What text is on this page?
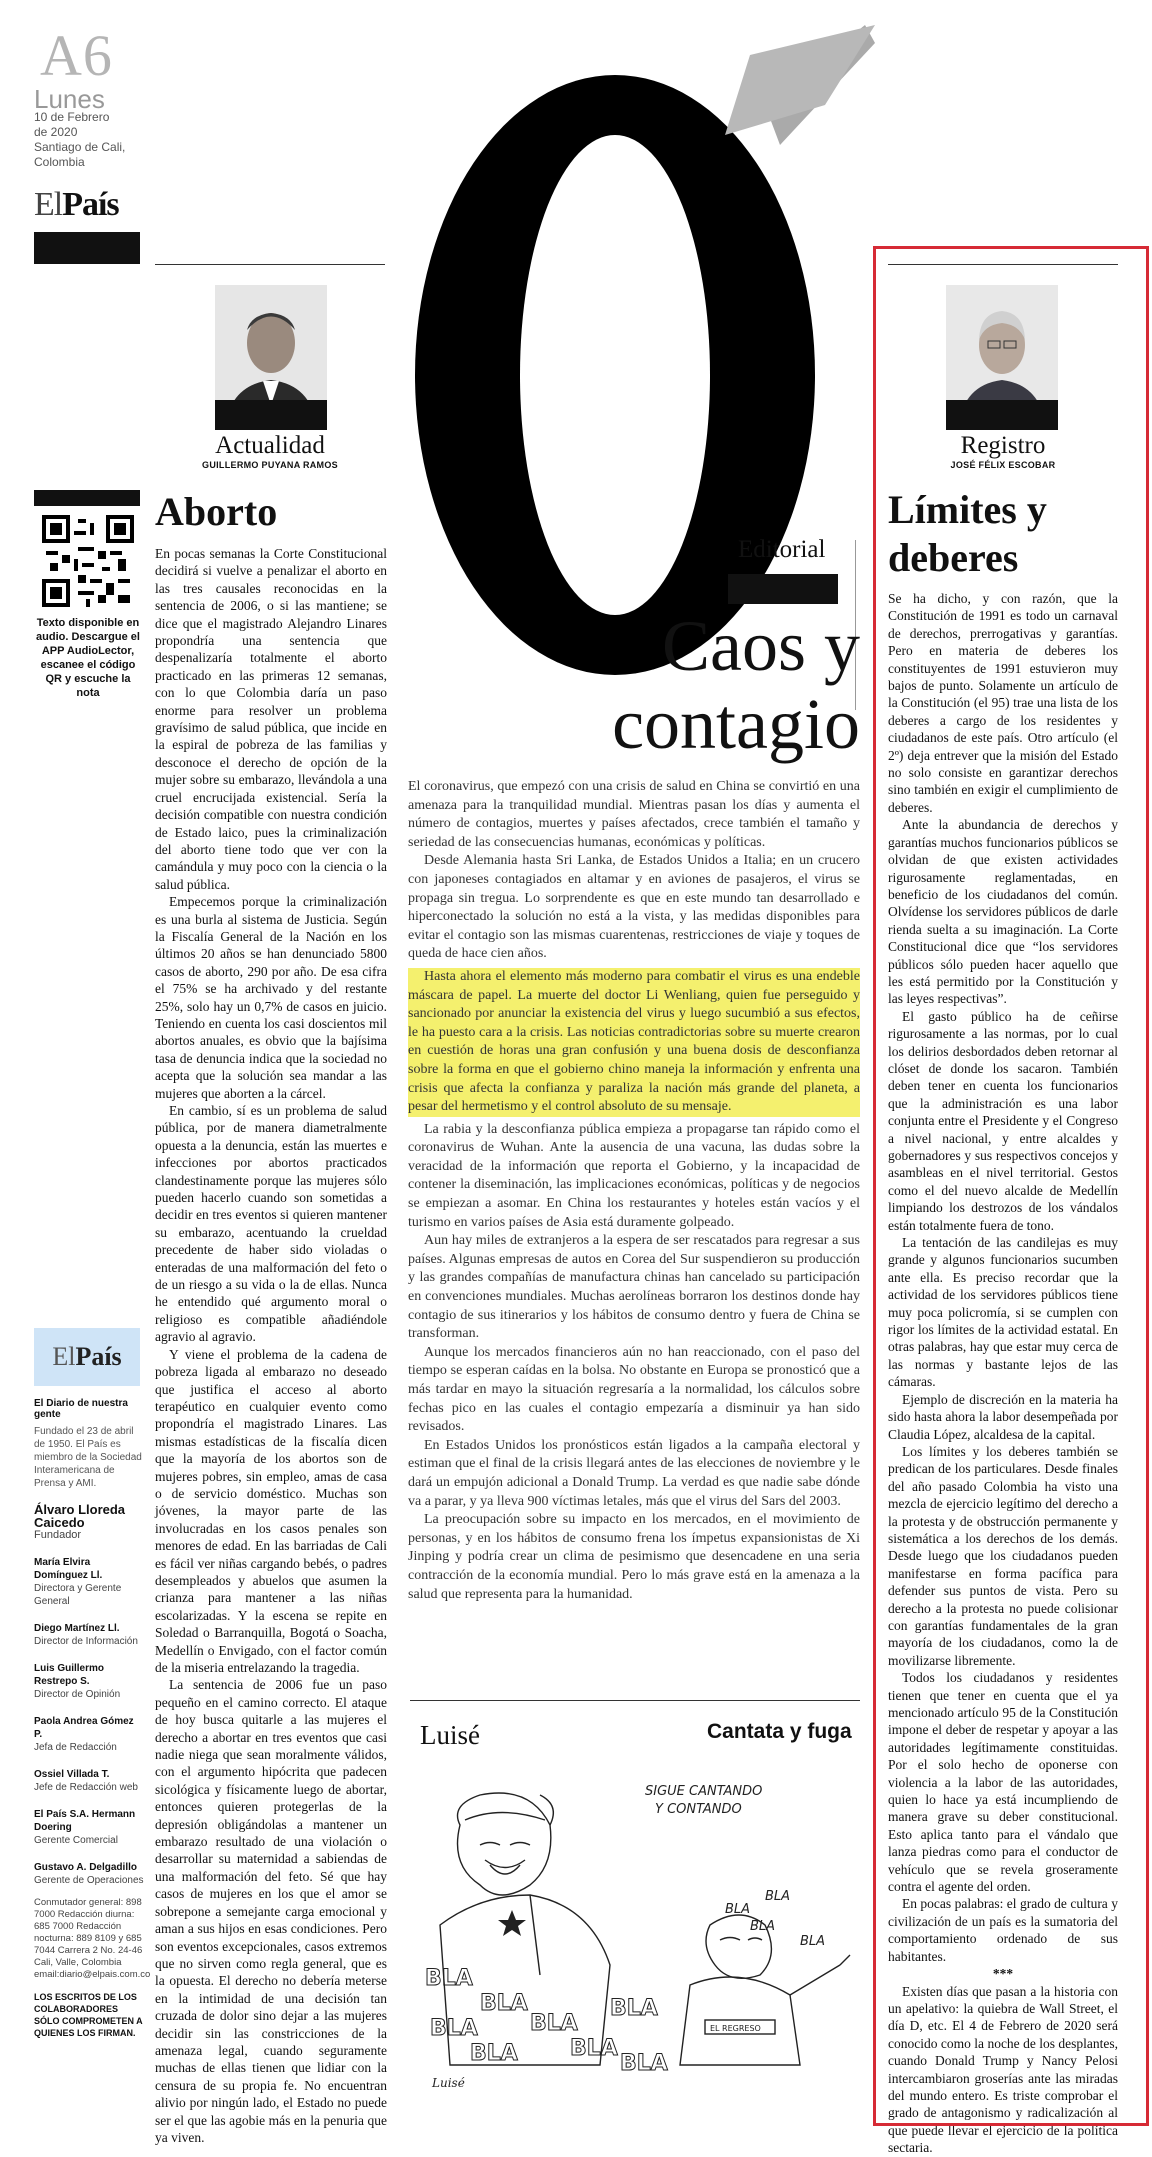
A6
Lunes
10 de Febrero
de 2020
Santiago de Cali,
Colombia
ElPaís
Actualidad
GUILLERMO PUYANA RAMOS
Aborto
Texto disponible en audio. Descargue el APP AudioLector, escanee el código QR y escuche la nota

En pocas semanas la Corte Constitucional decidirá si vuelve a penalizar el aborto en las tres causales reconocidas en la sentencia de 2006, o si las mantiene; se dice que el magistrado Alejandro Linares propondría una sentencia que despenalizaría totalmente el aborto practicado en las primeras 12 semanas, con lo que Colombia daría un paso enorme para resolver un problema gravísimo de salud pública, que incide en la espiral de pobreza de las familias y desconoce el derecho de opción de la mujer sobre su embarazo, llevándola a una cruel encrucijada existencial. Sería la decisión compatible con nuestra condición de Estado laico, pues la criminalización del aborto tiene todo que ver con la camándula y muy poco con la ciencia o la salud pública.

Empecemos porque la criminalización es una burla al sistema de Justicia. Según la Fiscalía General de la Nación en los últimos 20 años se han denunciado 5800 casos de aborto, 290 por año. De esa cifra el 75% se ha archivado y del restante 25%, solo hay un 0,7% de casos en juicio. Teniendo en cuenta los casi doscientos mil abortos anuales, es obvio que la bajísima tasa de denuncia indica que la sociedad no acepta que la solución sea mandar a las mujeres que aborten a la cárcel.

En cambio, sí es un problema de salud pública, por de manera diametralmente opuesta a la denuncia, están las muertes e infecciones por abortos practicados clandestinamente porque las mujeres sólo pueden hacerlo cuando son sometidas a decidir en tres eventos si quieren mantener su embarazo, acentuando la crueldad precedente de haber sido violadas o enteradas de una malformación del feto o de un riesgo a su vida o la de ellas. Nunca he entendido qué argumento moral o religioso es compatible añadiéndole agravio al agravio.

Y viene el problema de la cadena de pobreza ligada al embarazo no deseado que justifica el acceso al aborto terapéutico en cualquier evento como propondría el magistrado Linares. Las mismas estadísticas de la fiscalía dicen que la mayoría de los abortos son de mujeres pobres, sin empleo, amas de casa o de servicio doméstico. Muchas son jóvenes, la mayor parte de las involucradas en los casos penales son menores de edad. En las barriadas de Cali es fácil ver niñas cargando bebés, o padres desempleados y abuelos que asumen la crianza para mantener a las niñas escolarizadas. Y la escena se repite en Soledad o Barranquilla, Bogotá o Soacha, Medellín o Envigado, con el factor común de la miseria entrelazando la tragedia.

La sentencia de 2006 fue un paso pequeño en el camino correcto. El ataque de hoy busca quitarle a las mujeres el derecho a abortar en tres eventos que casi nadie niega que sean moralmente válidos, con el argumento hipócrita que padecen sicológica y físicamente luego de abortar, entonces quieren protegerlas de la depresión obligándolas a mantener un embarazo resultado de una violación o desarrollar su maternidad a sabiendas de una malformación del feto. Sé que hay casos de mujeres en los que el amor se sobrepone a semejante carga emocional y aman a sus hijos en esas condiciones. Pero son eventos excepcionales, casos extremos que no sirven como regla general, que es la opuesta. El derecho no debería meterse en la intimidad de una decisión tan cruzada de dolor sino dejar a las mujeres decidir sin las constricciones de la amenaza legal, cuando seguramente muchas de ellas tienen que lidiar con la censura de su propia fe. No encuentran alivio por ningún lado, el Estado no puede ser el que las agobie más en la penuria que ya viven.

ElPaís
El Diario de nuestra gente
Fundado el 23 de abril de 1950. El País es miembro de la Sociedad Interamericana de Prensa y AMI.
Álvaro Lloreda Caicedo
Fundador
María Elvira Domínguez Ll.
Directora y Gerente General
Diego Martínez Ll.
Director de Información
Luis Guillermo Restrepo S.
Director de Opinión
Paola Andrea Gómez P.
Jefa de Redacción
Ossiel Villada T.
Jefe de Redacción web
El País S.A. Hermann Doering
Gerente Comercial
Gustavo A. Delgadillo
Gerente de Operaciones
Conmutador general: 898 7000 Redacción diurna: 685 7000 Redacción nocturna: 889 8109 y 685 7044 Carrera 2 No. 24-46 Cali, Valle, Colombia email:diario@elpais.com.co
LOS ESCRITOS DE LOS COLABORADORES SÓLO COMPROMETEN A QUIENES LOS FIRMAN.
Editorial
Caos y contagio

El coronavirus, que empezó con una crisis de salud en China se convirtió en una amenaza para la tranquilidad mundial. Mientras pasan los días y aumenta el número de contagios, muertes y países afectados, crece también el tamaño y seriedad de las consecuencias humanas, económicas y políticas.

Desde Alemania hasta Sri Lanka, de Estados Unidos a Italia; en un crucero con japoneses contagiados en altamar y en aviones de pasajeros, el virus se propaga sin tregua. Lo sorprendente es que en este mundo tan desarrollado e hiperconectado la solución no está a la vista, y las medidas disponibles para evitar el contagio son las mismas cuarentenas, restricciones de viaje y toques de queda de hace cien años.

Hasta ahora el elemento más moderno para combatir el virus es una endeble máscara de papel. La muerte del doctor Li Wenliang, quien fue perseguido y sancionado por anunciar la existencia del virus y luego sucumbió a sus efectos, le ha puesto cara a la crisis. Las noticias contradictorias sobre su muerte crearon en cuestión de horas una gran confusión y una buena dosis de desconfianza sobre la forma en que el gobierno chino maneja la información y enfrenta una crisis que afecta la confianza y paraliza la nación más grande del planeta, a pesar del hermetismo y el control absoluto de su mensaje.

La rabia y la desconfianza pública empieza a propagarse tan rápido como el coronavirus de Wuhan. Ante la ausencia de una vacuna, las dudas sobre la veracidad de la información que reporta el Gobierno, y la incapacidad de contener la diseminación, las implicaciones económicas, políticas y de negocios se empiezan a asomar. En China los restaurantes y hoteles están vacíos y el turismo en varios países de Asia está duramente golpeado.

Aun hay miles de extranjeros a la espera de ser rescatados para regresar a sus países. Algunas empresas de autos en Corea del Sur suspendieron su producción y las grandes compañías de manufactura chinas han cancelado su participación en convenciones mundiales. Muchas aerolíneas borraron los destinos donde hay contagio de sus itinerarios y los hábitos de consumo dentro y fuera de China se transforman.

Aunque los mercados financieros aún no han reaccionado, con el paso del tiempo se esperan caídas en la bolsa. No obstante en Europa se pronosticó que a más tardar en mayo la situación regresaría a la normalidad, los cálculos sobre fechas pico en las cuales el contagio empezaría a disminuir ya han sido revisados.

En Estados Unidos los pronósticos están ligados a la campaña electoral y estiman que el final de la crisis llegará antes de las elecciones de noviembre y le dará un empujón adicional a Donald Trump. La verdad es que nadie sabe dónde va a parar, y ya lleva 900 víctimas letales, más que el virus del Sars del 2003.

La preocupación sobre su impacto en los mercados, en el movimiento de personas, y en los hábitos de consumo frena los ímpetus expansionistas de Xi Jinping y podría crear un clima de pesimismo que desencadene en una seria contracción de la economía mundial. Pero lo más grave está en la amenaza a la salud que representa para la humanidad.

Luisé	Cantata y fuga
SIGUE CANTANDO
Y CONTANDO
BLA
BLA
BLA
BLA
BLA
BLA
BLA BLA
BLA BLA
BLA
BLA
EL REGRESO
Luisé
Registro
JOSÉ FÉLIX ESCOBAR
Límites y
deberes

Se ha dicho, y con razón, que la Constitución de 1991 es todo un carnaval de derechos, prerrogativas y garantías. Pero en materia de deberes los constituyentes de 1991 estuvieron muy bajos de punto. Solamente un artículo de la Constitución (el 95) trae una lista de los deberes a cargo de los residentes y ciudadanos de este país. Otro artículo (el 2º) deja entrever que la misión del Estado no solo consiste en garantizar derechos sino también en exigir el cumplimiento de deberes.

Ante la abundancia de derechos y garantías muchos funcionarios públicos se olvidan de que existen actividades rigurosamente reglamentadas, en beneficio de los ciudadanos del común. Olvídense los servidores públicos de darle rienda suelta a su imaginación. La Corte Constitucional dice que “los servidores públicos sólo pueden hacer aquello que les está permitido por la Constitución y las leyes respectivas”.

El gasto público ha de ceñirse rigurosamente a las normas, por lo cual los delirios desbordados deben retornar al clóset de donde los sacaron. También deben tener en cuenta los funcionarios que la administración es una labor conjunta entre el Presidente y el Congreso a nivel nacional, y entre alcaldes y gobernadores y sus respectivos concejos y asambleas en el nivel territorial. Gestos como el del nuevo alcalde de Medellín limpiando los destrozos de los vándalos están totalmente fuera de tono.

La tentación de las candilejas es muy grande y algunos funcionarios sucumben ante ella. Es preciso recordar que la actividad de los servidores públicos tiene muy poca policromía, si se cumplen con rigor los límites de la actividad estatal. En otras palabras, hay que estar muy cerca de las normas y bastante lejos de las cámaras.

Ejemplo de discreción en la materia ha sido hasta ahora la labor desempeñada por Claudia López, alcaldesa de la capital.

Los límites y los deberes también se predican de los particulares. Desde finales del año pasado Colombia ha visto una mezcla de ejercicio legítimo del derecho a la protesta y de obstrucción permanente y sistemática a los derechos de los demás. Desde luego que los ciudadanos pueden manifestarse en forma pacífica para defender sus puntos de vista. Pero su derecho a la protesta no puede colisionar con garantías fundamentales de la gran mayoría de los ciudadanos, como la de movilizarse libremente.

Todos los ciudadanos y residentes tienen que tener en cuenta que el ya mencionado artículo 95 de la Constitución impone el deber de respetar y apoyar a las autoridades legítimamente constituidas. Por el solo hecho de oponerse con violencia a la labor de las autoridades, quien lo hace ya está incumpliendo de manera grave su deber constitucional. Esto aplica tanto para el vándalo que lanza piedras como para el conductor de vehículo que se revela groseramente contra el agente del orden.

En pocas palabras: el grado de cultura y civilización de un país es la sumatoria del comportamiento ordenado de sus habitantes.

***

Existen días que pasan a la historia con un apelativo: la quiebra de Wall Street, el día D, etc. El 4 de Febrero de 2020 será conocido como la noche de los desplantes, cuando Donald Trump y Nancy Pelosi intercambiaron groserías ante las miradas del mundo entero. Es triste comprobar el grado de antagonismo y radicalización al que puede llevar el ejercicio de la política sectaria.
